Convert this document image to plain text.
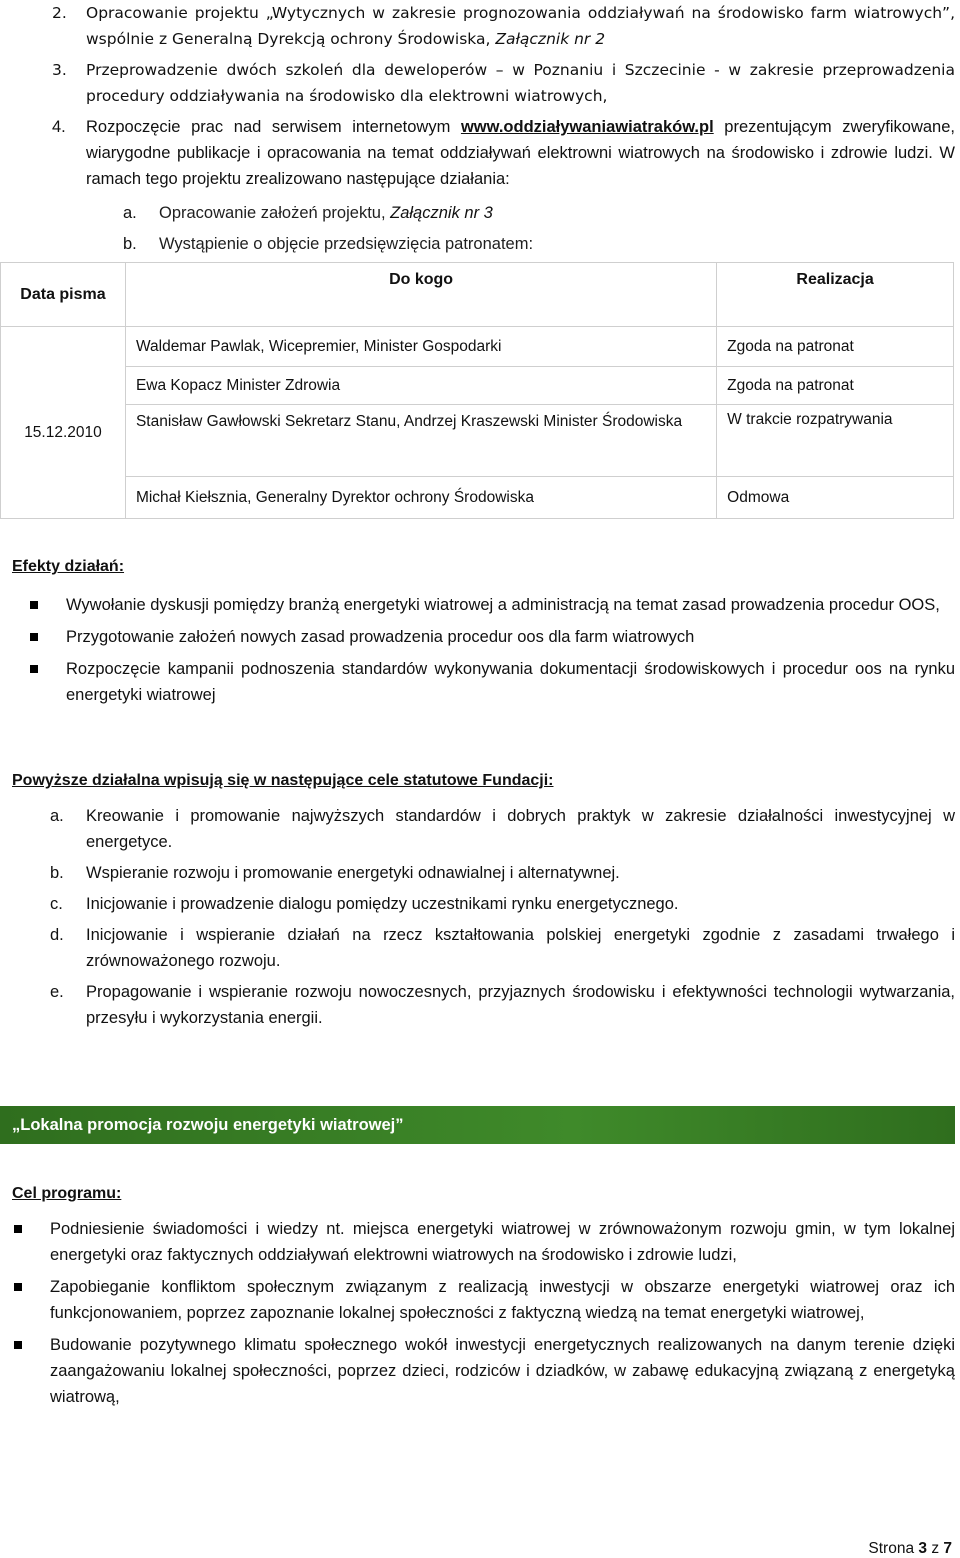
2. Opracowanie projektu „Wytycznych w zakresie prognozowania oddziaływań na środowisko farm wiatrowych”, wspólnie z Generalną Dyrekcją ochrony Środowiska, Załącznik nr 2
3. Przeprowadzenie dwóch szkoleń dla deweloperów – w Poznaniu i Szczecinie - w zakresie przeprowadzenia procedury oddziaływania na środowisko dla elektrowni wiatrowych,
4. Rozpoczęcie prac nad serwisem internetowym www.oddziaływaniawiatraków.pl prezentującym zweryfikowane, wiarygodne publikacje i opracowania na temat oddziaływań elektrowni wiatrowych na środowisko i zdrowie ludzi. W ramach tego projektu zrealizowano następujące działania:
a. Opracowanie założeń projektu, Załącznik nr 3
b. Wystąpienie o objęcie przedsięwzięcia patronatem:
Data pisma	Do kogo	Realizacja
15.12.2010	Waldemar Pawlak, Wicepremier, Minister Gospodarki	Zgoda na patronat
	Ewa Kopacz Minister Zdrowia	Zgoda na patronat
	Stanisław Gawłowski Sekretarz Stanu, Andrzej Kraszewski Minister Środowiska	W trakcie rozpatrywania
	Michał Kiełsznia, Generalny Dyrektor ochrony Środowiska	Odmowa
Efekty działań:
Wywołanie dyskusji pomiędzy branżą energetyki wiatrowej a administracją na temat zasad prowadzenia procedur OOS,
Przygotowanie założeń nowych zasad prowadzenia procedur oos dla farm wiatrowych
Rozpoczęcie kampanii podnoszenia standardów wykonywania dokumentacji środowiskowych i procedur oos na rynku energetyki wiatrowej
Powyższe działalna wpisują się w następujące cele statutowe Fundacji:
a. Kreowanie i promowanie najwyższych standardów i dobrych praktyk w zakresie działalności inwestycyjnej w energetyce.
b. Wspieranie rozwoju i promowanie energetyki odnawialnej i alternatywnej.
c. Inicjowanie i prowadzenie dialogu pomiędzy uczestnikami rynku energetycznego.
d. Inicjowanie i wspieranie działań na rzecz kształtowania polskiej energetyki zgodnie z zasadami trwałego i zrównoważonego rozwoju.
e. Propagowanie i wspieranie rozwoju nowoczesnych, przyjaznych środowisku i efektywności technologii wytwarzania, przesyłu i wykorzystania energii.
„Lokalna promocja rozwoju energetyki wiatrowej”
Cel programu:
Podniesienie świadomości i wiedzy nt. miejsca energetyki wiatrowej w zrównoważonym rozwoju gmin, w tym lokalnej energetyki oraz faktycznych oddziaływań elektrowni wiatrowych na środowisko i zdrowie ludzi,
Zapobieganie konfliktom społecznym związanym z realizacją inwestycji w obszarze energetyki wiatrowej oraz ich funkcjonowaniem, poprzez zapoznanie lokalnej społeczności z faktyczną wiedzą na temat energetyki wiatrowej,
Budowanie pozytywnego klimatu społecznego wokół inwestycji energetycznych realizowanych na danym terenie dzięki zaangażowaniu lokalnej społeczności, poprzez dzieci, rodziców i dziadków, w zabawę edukacyjną związaną z energetyką wiatrową,
Strona 3 z 7
